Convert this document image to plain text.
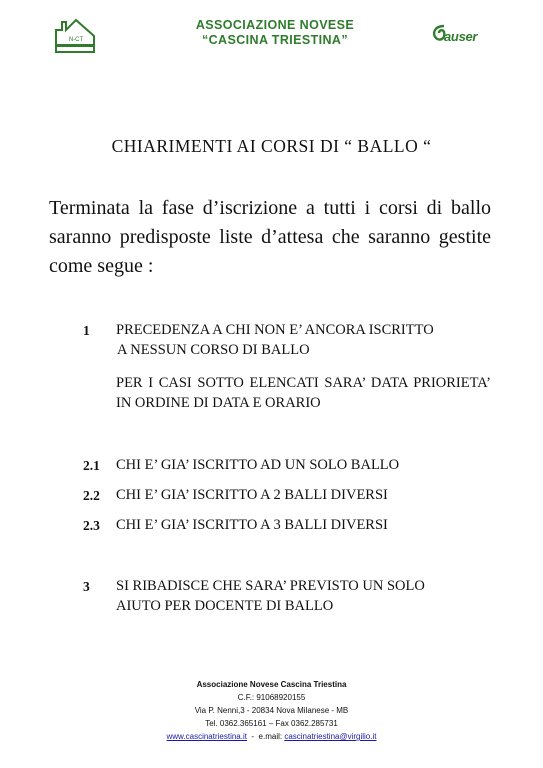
N-CT
ASSOCIAZIONE NOVESE
“CASCINA TRIESTINA”	auser
CHIARIMENTI AI CORSI DI “ BALLO “
Terminata la fase d’iscrizione a tutti i corsi di ballo saranno predisposte liste d’attesa che saranno gestite come segue :
1 PRECEDENZA A CHI NON E’ ANCORA ISCRITTO
A NESSUN CORSO DI BALLO
PER I CASI SOTTO ELENCATI SARA’ DATA PRIORIETA’ IN ORDINE DI DATA E ORARIO
2.1 CHI E’ GIA’ ISCRITTO AD UN SOLO BALLO
2.2 CHI E’ GIA’ ISCRITTO A 2 BALLI DIVERSI
2.3 CHI E’ GIA’ ISCRITTO A 3 BALLI DIVERSI
3 SI RIBADISCE CHE SARA’ PREVISTO UN SOLO
AIUTO PER DOCENTE DI BALLO
Associazione Novese Cascina Triestina
C.F.: 91068920155
Via P. Nenni,3 - 20834 Nova Milanese - MB
Tel. 0362.365161 – Fax 0362.285731
www.cascinatriestina.it  -  e.mail: cascinatriestina@virgilio.it
